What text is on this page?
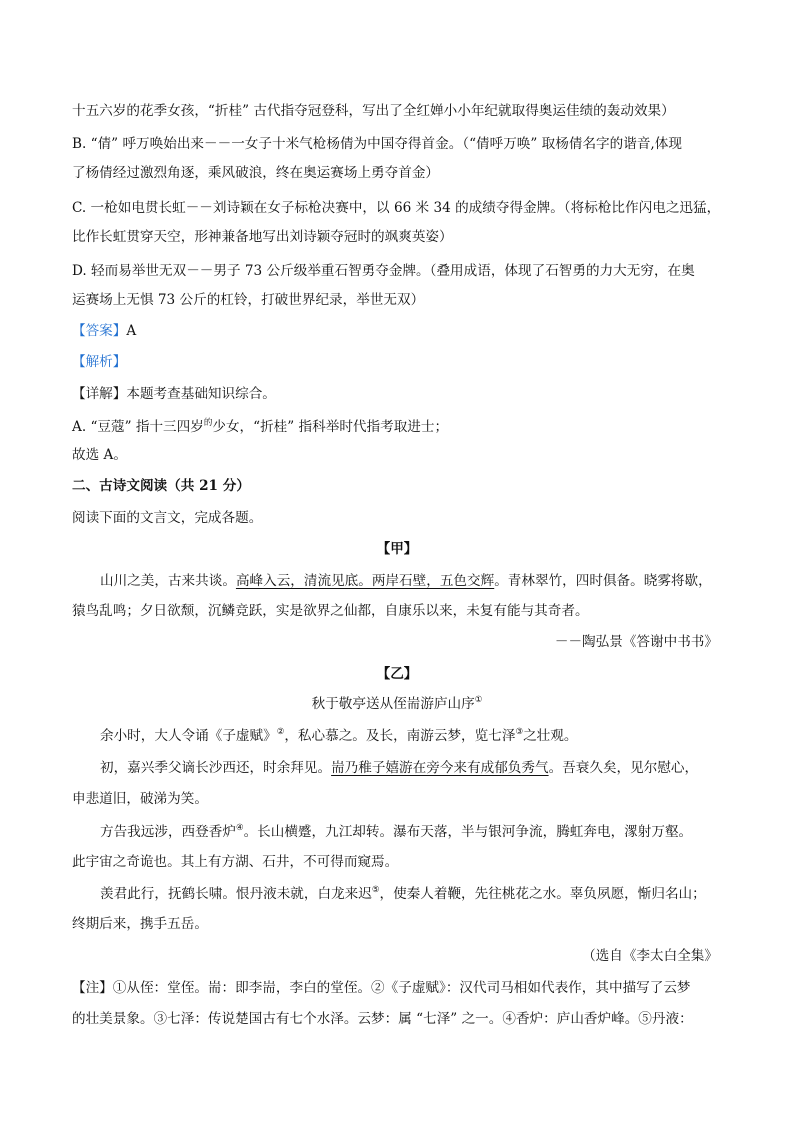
十五六岁的花季女孩，“折桂” 古代指夺冠登科，写出了全红婵小小年纪就取得奥运佳绩的轰动效果）
B. “倩” 呼万唤始出来－－一女子十米气枪杨倩为中国夺得首金。（“倩呼万唤” 取杨倩名字的谐音,体现
了杨倩经过激烈角逐，乘风破浪，终在奥运赛场上勇夺首金）
C. 一枪如电贯长虹－－刘诗颖在女子标枪决赛中，以 66 米 34 的成绩夺得金牌。（将标枪比作闪电之迅猛，
比作长虹贯穿天空，形神兼备地写出刘诗颖夺冠时的飒爽英姿）
D. 轻而易举世无双－－男子 73 公斤级举重石智勇夺金牌。（叠用成语，体现了石智勇的力大无穷，在奥
运赛场上无惧 73 公斤的杠铃，打破世界纪录，举世无双）
【答案】A
【解析】
【详解】本题考查基础知识综合。
A. “豆蔻” 指十三四岁$^的$少女，“折桂” 指科举时代指考取进士；
故选 A。
二、古诗文阅读（共 21 分）
阅读下面的文言文，完成各题。
【甲】
山川之美，古来共谈。高峰入云，清流见底。两岸石壁，五色交辉。青林翠竹，四时俱备。晓雾将歇，
猿鸟乱鸣；夕日欲颓，沉鳞竞跃，实是欲界之仙都，自康乐以来，未复有能与其奇者。
－－陶弘景《答谢中书书》
【乙】
秋于敬亭送从侄耑游庐山序①
余小时，大人令诵《子虚赋》②，私心慕之。及长，南游云梦，览七泽③之壮观。
初，嘉兴季父谪长沙西还，时余拜见。耑乃稚子嬉游在旁今来有成郁负秀气。吾衰久矣，见尔慰心，
申悲道旧，破涕为笑。
方告我远涉，西登香炉④。长山横蹙，九江却转。瀑布天落，半与银河争流，腾虹奔电，潈射万壑。
此宇宙之奇诡也。其上有方湖、石井，不可得而窥焉。
羡君此行，抚鹤长啸。恨丹液未就，白龙来迟⑤，使秦人着鞭，先往桃花之水。辜负夙愿，惭归名山；
终期后来，携手五岳。
（选自《李太白全集》
【注】①从侄：堂侄。耑：即李耑，李白的堂侄。②《子虚赋》：汉代司马相如代表作，其中描写了云梦
的壮美景象。③七泽：传说楚国古有七个水泽。云梦：属 “七泽” 之一。④香炉：庐山香炉峰。⑤丹液：
